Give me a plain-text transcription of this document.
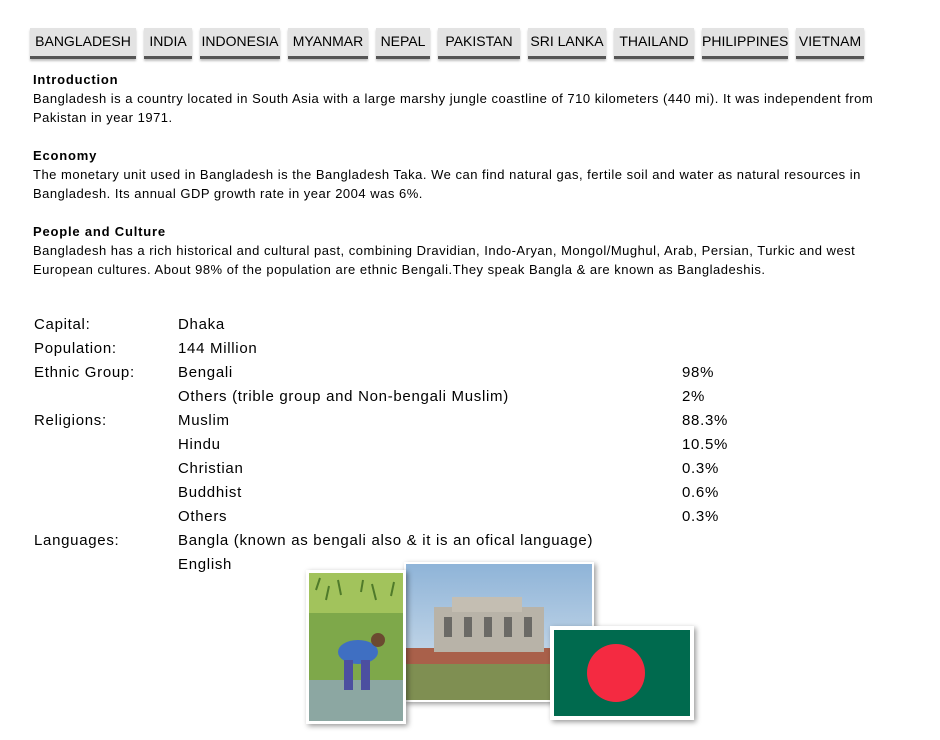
BANGLADESH	INDIA	INDONESIA	MYANMAR	NEPAL	PAKISTAN	SRI LANKA	THAILAND PHILIPPINES VIETNAM
Introduction

Bangladesh is a country located in South Asia with a large marshy jungle coastline of 710 kilometers (440 mi). It was independent from Pakistan in year 1971.

Economy

The monetary unit used in Bangladesh is the Bangladesh Taka. We can find natural gas, fertile soil and water as natural resources in Bangladesh. Its annual GDP growth rate in year 2004 was 6%.

People and Culture

Bangladesh has a rich historical and cultural past, combining Dravidian, Indo-Aryan, Mongol/Mughul, Arab, Persian, Turkic and west European cultures. About 98% of the population are ethnic Bengali.They speak Bangla & are known as Bangladeshis.

Capital:	Dhaka	
Population:	144 Million	
Ethnic Group:	Bengali	98%
	Others (trible group and Non-bengali Muslim)	2%
Religions:	Muslim	88.3%
	Hindu	10.5%
	Christian	0.3%
	Buddhist	0.6%
	Others	0.3%
Languages:	Bangla (known as bengali also & it is an ofical language)	
	English	
